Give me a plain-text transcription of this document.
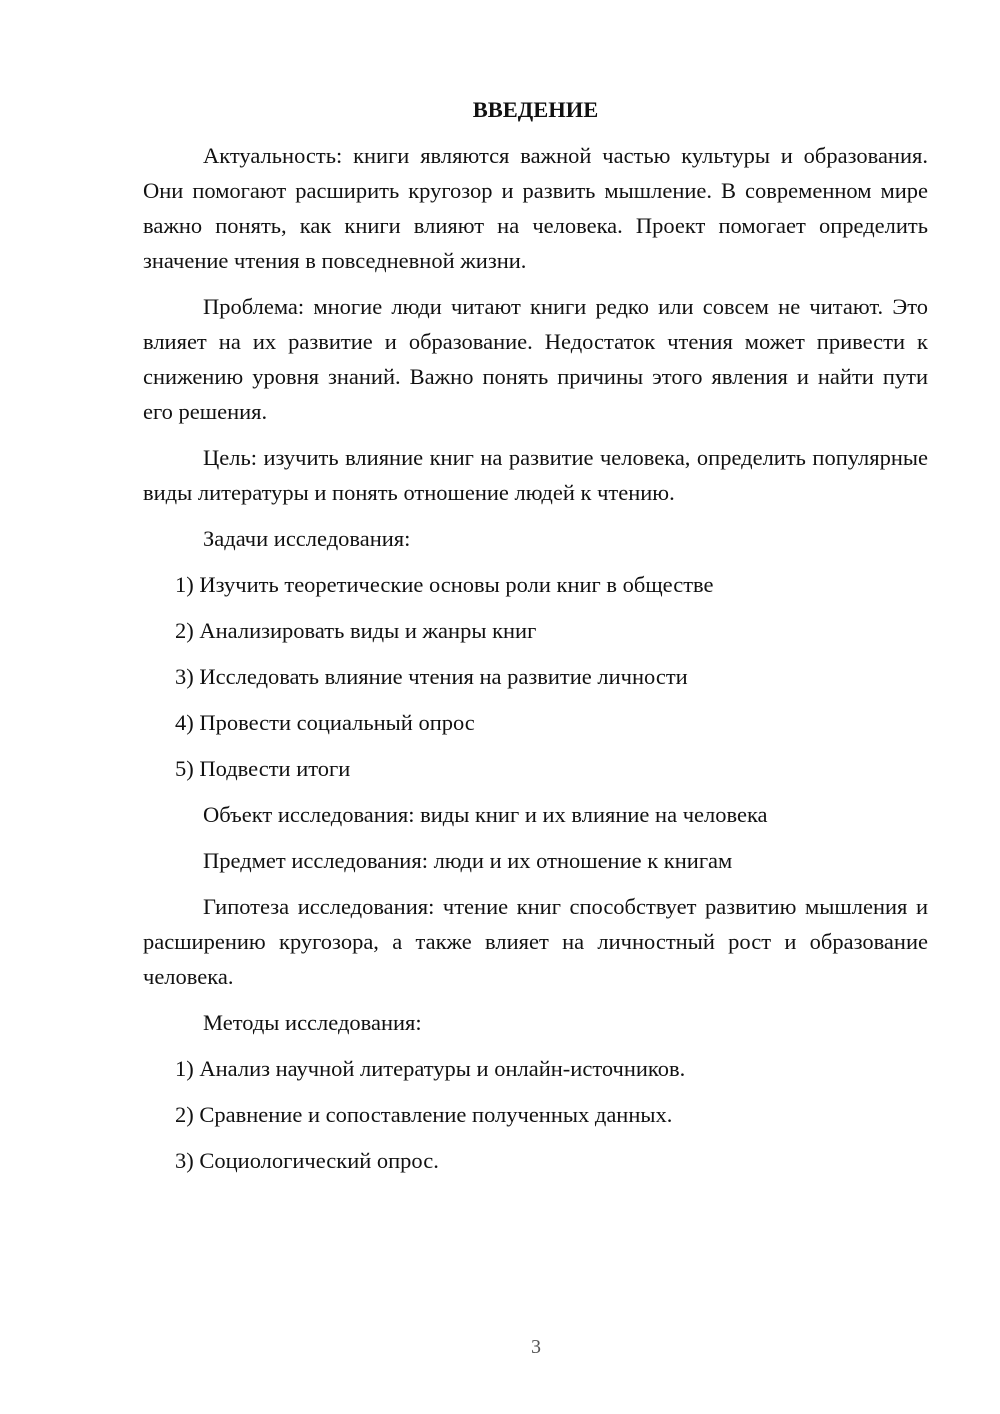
ВВЕДЕНИЕ
Актуальность: книги являются важной частью культуры и образования. Они помогают расширить кругозор и развить мышление. В современном мире важно понять, как книги влияют на человека. Проект помогает определить значение чтения в повседневной жизни.
Проблема: многие люди читают книги редко или совсем не читают. Это влияет на их развитие и образование. Недостаток чтения может привести к снижению уровня знаний. Важно понять причины этого явления и найти пути его решения.
Цель: изучить влияние книг на развитие человека, определить популярные виды литературы и понять отношение людей к чтению.
Задачи исследования:
1) Изучить теоретические основы роли книг в обществе
2) Анализировать виды и жанры книг
3) Исследовать влияние чтения на развитие личности
4) Провести социальный опрос
5) Подвести итоги
Объект исследования: виды книг и их влияние на человека
Предмет исследования: люди и их отношение к книгам
Гипотеза исследования: чтение книг способствует развитию мышления и расширению кругозора, а также влияет на личностный рост и образование человека.
Методы исследования:
1) Анализ научной литературы и онлайн-источников.
2) Сравнение и сопоставление полученных данных.
3) Социологический опрос.
3
